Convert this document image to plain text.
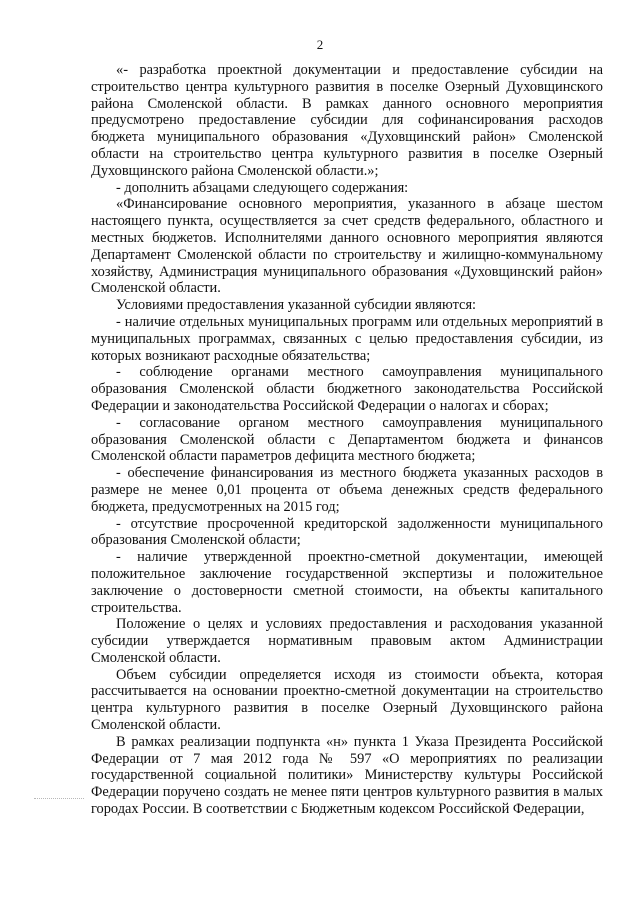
2

«- разработка проектной документации и предоставление субсидии на строительство центра культурного развития в поселке Озерный Духовщинского района Смоленской области. В рамках данного основного мероприятия предусмотрено предоставление субсидии для софинансирования расходов бюджета муниципального образования «Духовщинский район» Смоленской области на строительство центра культурного развития в поселке Озерный Духовщинского района Смоленской области.»;

- дополнить абзацами следующего содержания:

«Финансирование основного мероприятия, указанного в абзаце шестом настоящего пункта, осуществляется за счет средств федерального, областного и местных бюджетов. Исполнителями данного основного мероприятия являются Департамент Смоленской области по строительству и жилищно-коммунальному хозяйству, Администрация муниципального образования «Духовщинский район» Смоленской области.

Условиями предоставления указанной субсидии являются:

- наличие отдельных муниципальных программ или отдельных мероприятий в муниципальных программах, связанных с целью предоставления субсидии, из которых возникают расходные обязательства;

- соблюдение органами местного самоуправления муниципального образования Смоленской области бюджетного законодательства Российской Федерации и законодательства Российской Федерации о налогах и сборах;

- согласование органом местного самоуправления муниципального образования Смоленской области с Департаментом бюджета и финансов Смоленской области параметров дефицита местного бюджета;

- обеспечение финансирования из местного бюджета указанных расходов в размере не менее 0,01 процента от объема денежных средств федерального бюджета, предусмотренных на 2015 год;

- отсутствие просроченной кредиторской задолженности муниципального образования Смоленской области;

- наличие утвержденной проектно-сметной документации, имеющей положительное заключение государственной экспертизы и положительное заключение о достоверности сметной стоимости, на объекты капитального строительства.

Положение о целях и условиях предоставления и расходования указанной субсидии утверждается нормативным правовым актом Администрации Смоленской области.

Объем субсидии определяется исходя из стоимости объекта, которая рассчитывается на основании проектно-сметной документации на строительство центра культурного развития в поселке Озерный Духовщинского района Смоленской области.

В рамках реализации подпункта «н» пункта 1 Указа Президента Российской Федерации от 7 мая 2012 года № 597 «О мероприятиях по реализации государственной социальной политики» Министерству культуры Российской Федерации поручено создать не менее пяти центров культурного развития в малых городах России. В соответствии с Бюджетным кодексом Российской Федерации,
